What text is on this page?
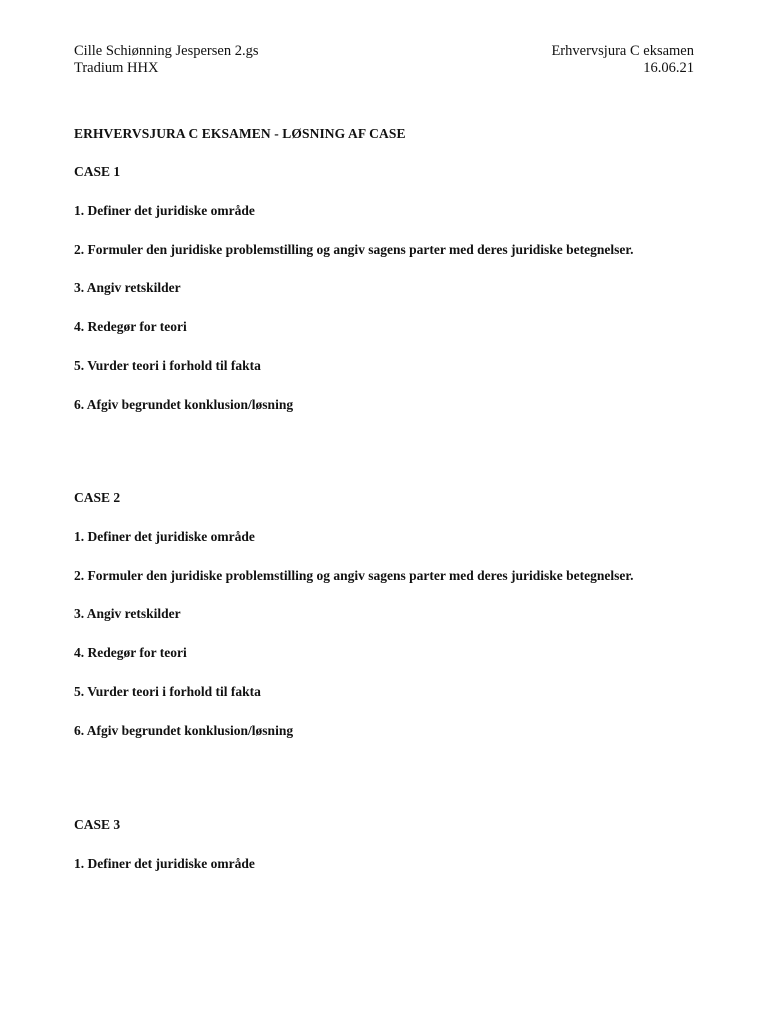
Cille Schiønning Jespersen 2.gs
Tradium HHX
Erhvervsjura C eksamen
16.06.21
ERHVERVSJURA C EKSAMEN - LØSNING AF CASE
CASE 1
1. Definer det juridiske område
2. Formuler den juridiske problemstilling og angiv sagens parter med deres juridiske betegnelser.
3. Angiv retskilder
4. Redegør for teori
5. Vurder teori i forhold til fakta
6. Afgiv begrundet konklusion/løsning
CASE 2
1. Definer det juridiske område
2. Formuler den juridiske problemstilling og angiv sagens parter med deres juridiske betegnelser.
3. Angiv retskilder
4. Redegør for teori
5. Vurder teori i forhold til fakta
6. Afgiv begrundet konklusion/løsning
CASE 3
1. Definer det juridiske område
